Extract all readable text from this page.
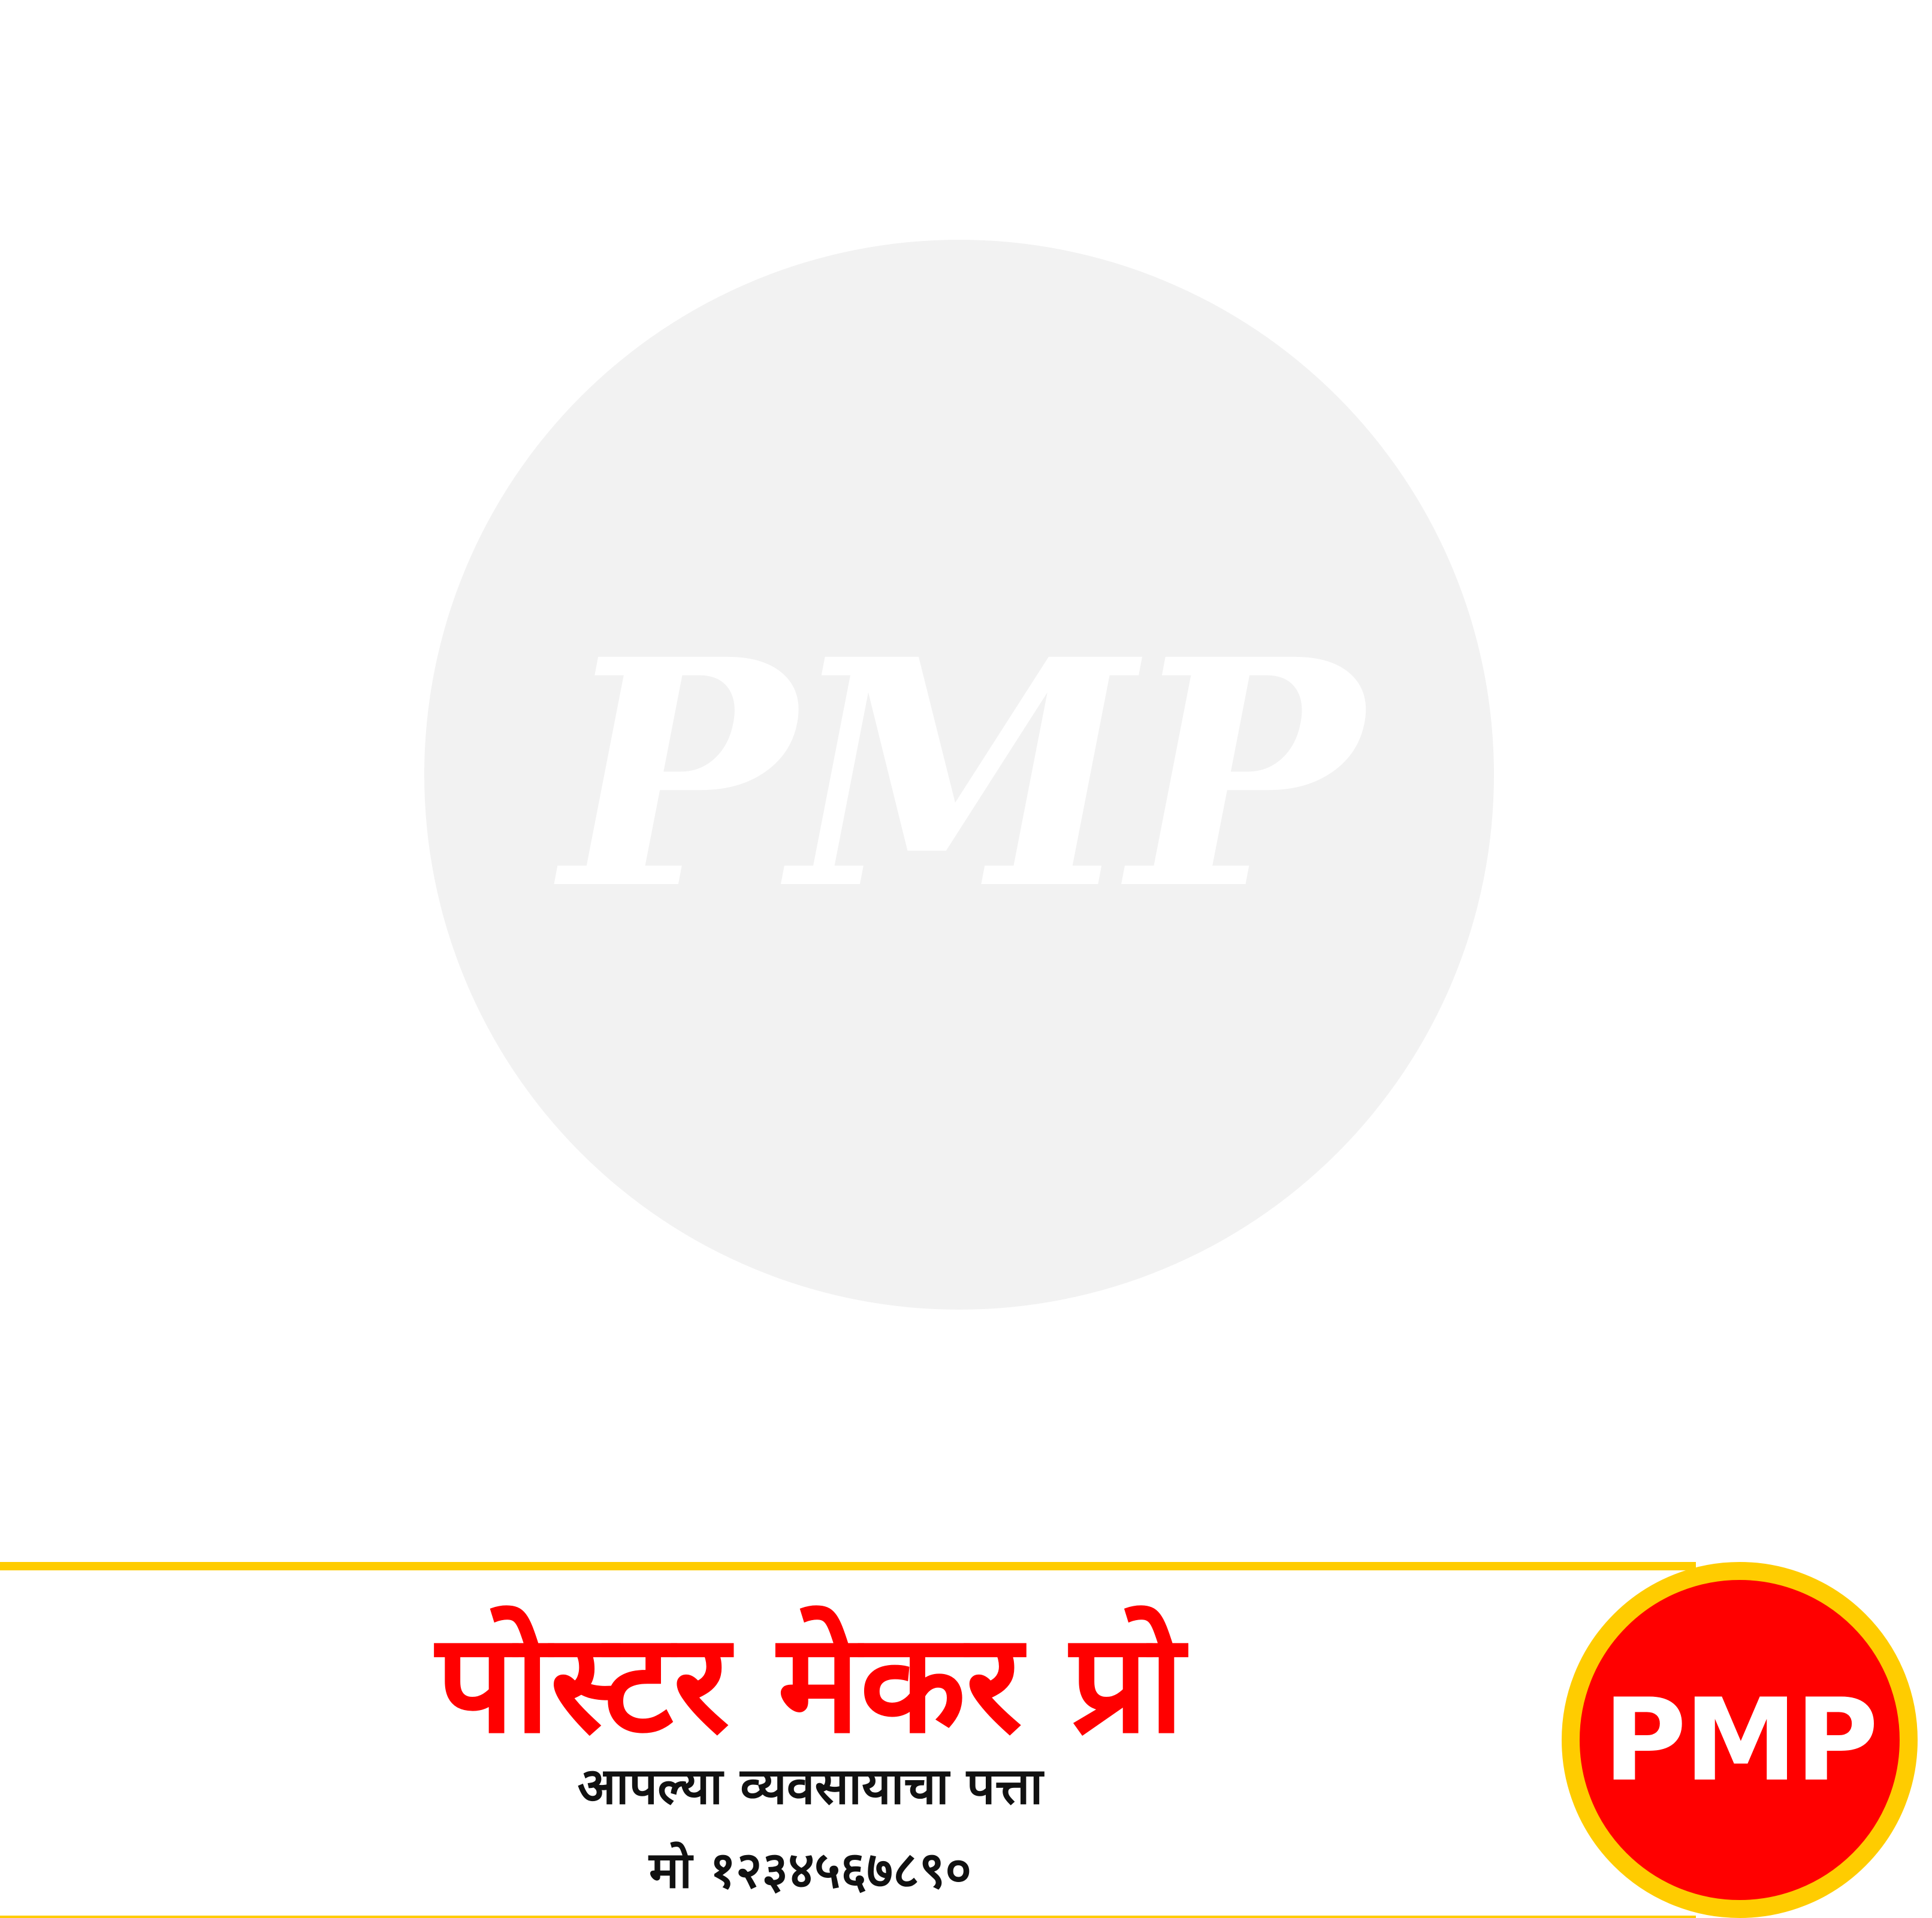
PMP
पोस्टर मेकर प्रो
आपल्या व्यवसायाचा पत्ता
मो १२३४५६७८९०
PMP
